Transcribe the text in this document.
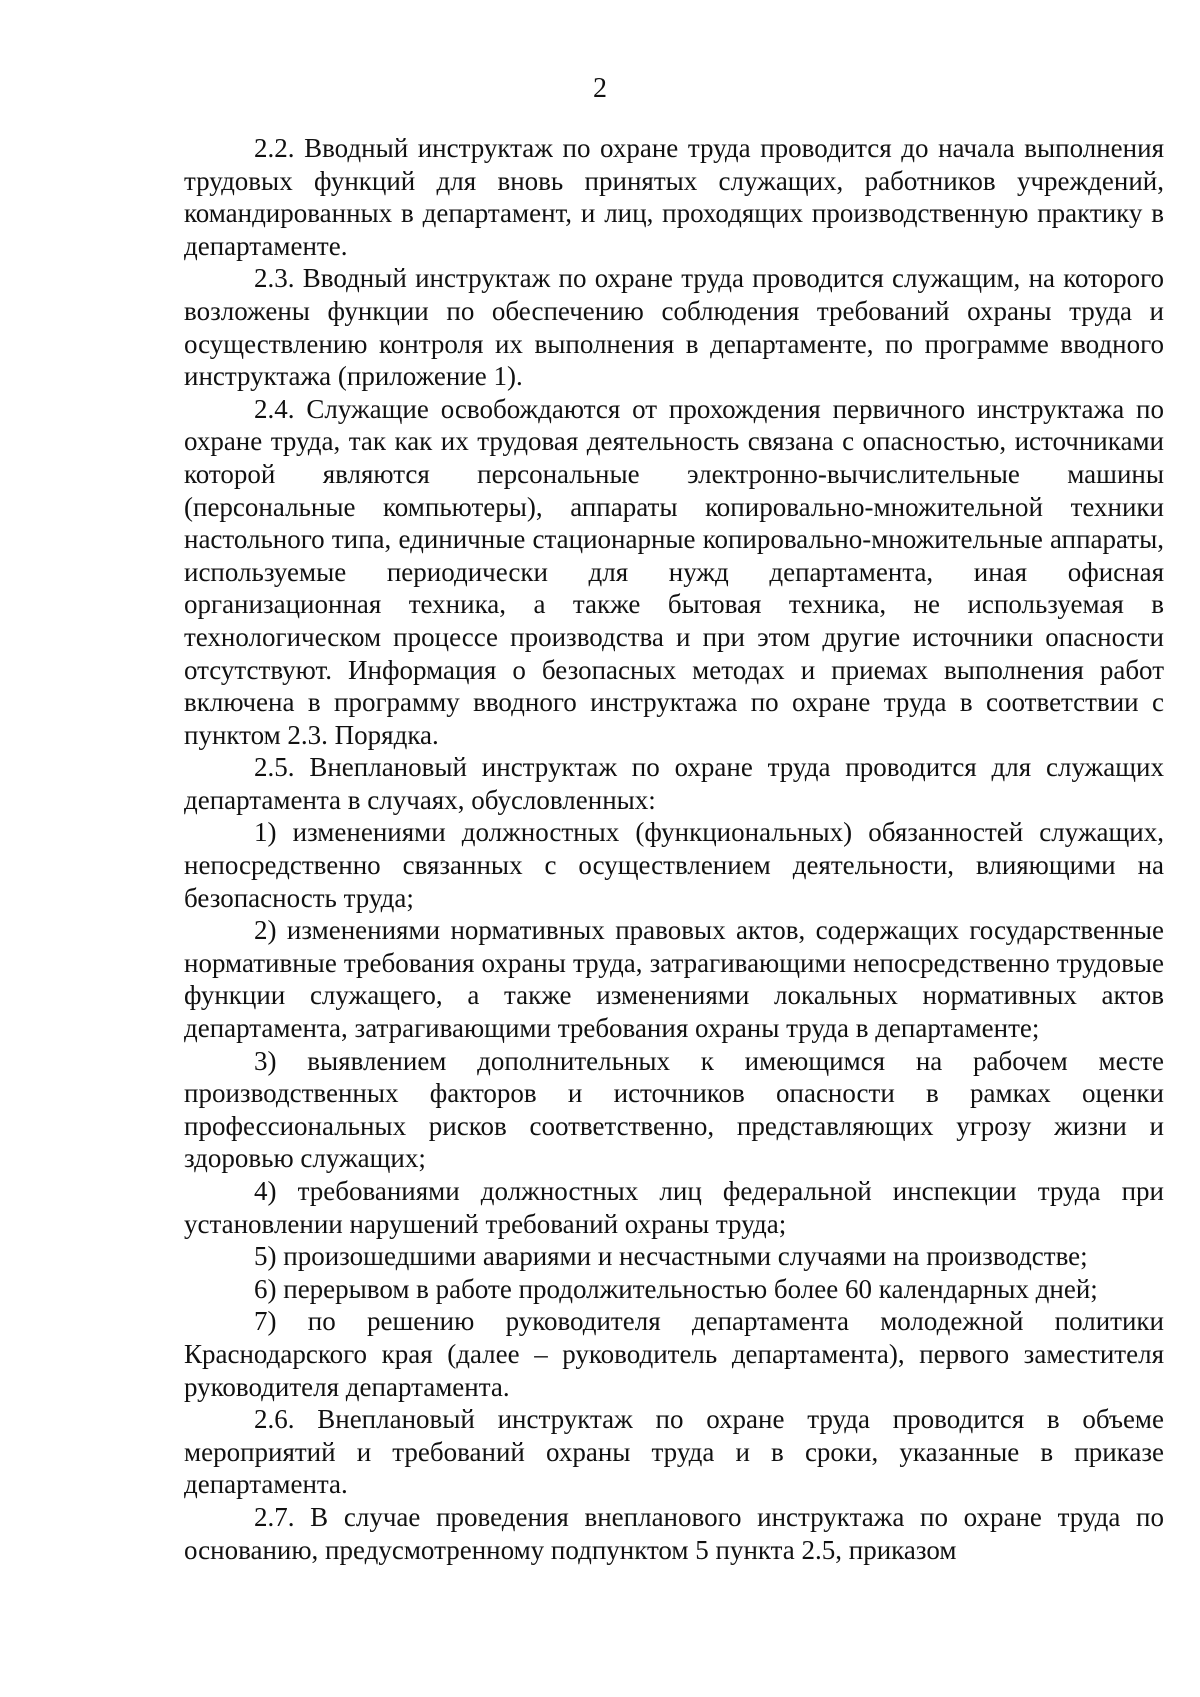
2

2.2. Вводный инструктаж по охране труда проводится до начала выполнения трудовых функций для вновь принятых служащих, работников учреждений, командированных в департамент, и лиц, проходящих производственную практику в департаменте.

2.3. Вводный инструктаж по охране труда проводится служащим, на которого возложены функции по обеспечению соблюдения требований охраны труда и осуществлению контроля их выполнения в департаменте, по программе вводного инструктажа (приложение 1).

2.4. Служащие освобождаются от прохождения первичного инструктажа по охране труда, так как их трудовая деятельность связана с опасностью, источниками которой являются персональные электронно-вычислительные машины (персональные компьютеры), аппараты копировально-множительной техники настольного типа, единичные стационарные копировально-множительные аппараты, используемые периодически для нужд департамента, иная офисная организационная техника, а также бытовая техника, не используемая в технологическом процессе производства и при этом другие источники опасности отсутствуют. Информация о безопасных методах и приемах выполнения работ включена в программу вводного инструктажа по охране труда в соответствии с пунктом 2.3. Порядка.

2.5. Внеплановый инструктаж по охране труда проводится для служащих департамента в случаях, обусловленных:

1) изменениями должностных (функциональных) обязанностей служащих, непосредственно связанных с осуществлением деятельности, влияющими на безопасность труда;

2) изменениями нормативных правовых актов, содержащих государственные нормативные требования охраны труда, затрагивающими непосредственно трудовые функции служащего, а также изменениями локальных нормативных актов департамента, затрагивающими требования охраны труда в департаменте;

3) выявлением дополнительных к имеющимся на рабочем месте производственных факторов и источников опасности в рамках оценки профессиональных рисков соответственно, представляющих угрозу жизни и здоровью служащих;

4) требованиями должностных лиц федеральной инспекции труда при установлении нарушений требований охраны труда;

5) произошедшими авариями и несчастными случаями на производстве;

6) перерывом в работе продолжительностью более 60 календарных дней;

7) по решению руководителя департамента молодежной политики Краснодарского края (далее – руководитель департамента), первого заместителя руководителя департамента.

2.6. Внеплановый инструктаж по охране труда проводится в объеме мероприятий и требований охраны труда и в сроки, указанные в приказе департамента.

2.7. В случае проведения внепланового инструктажа по охране труда по основанию, предусмотренному подпунктом 5 пункта 2.5, приказом
